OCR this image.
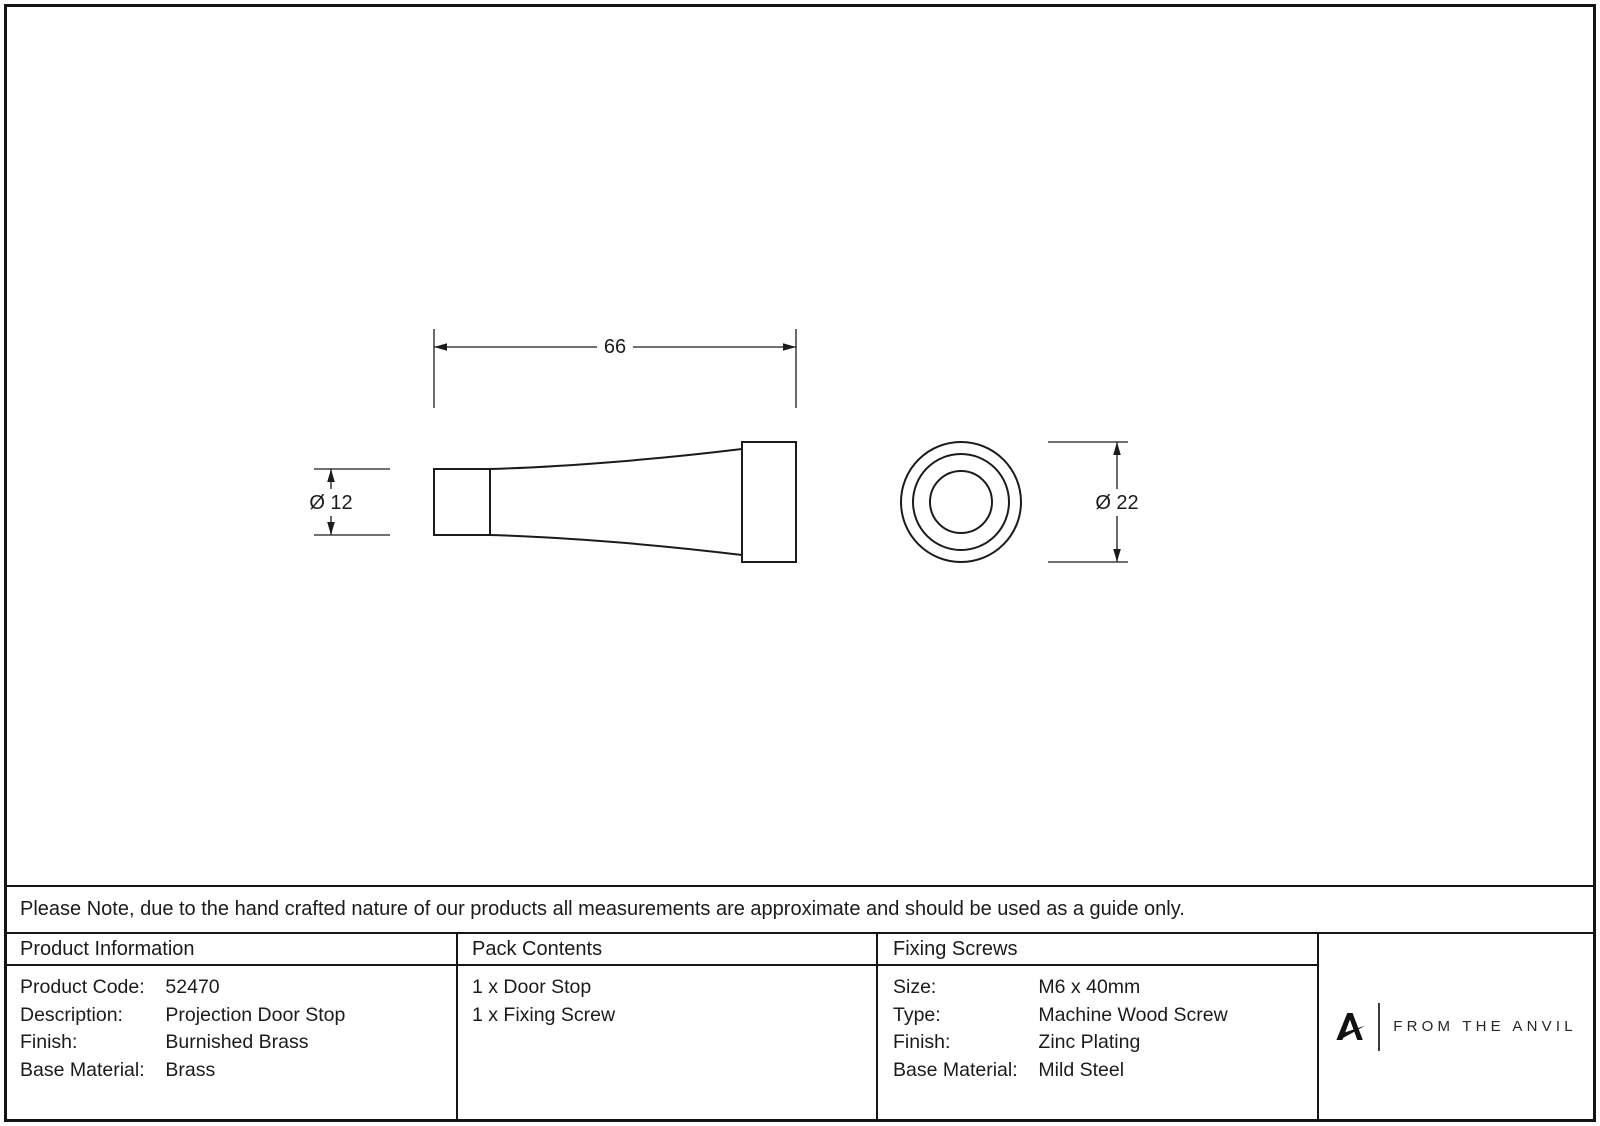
66
Ø 12	Ø 22
Please Note, due to the hand crafted nature of our products all measurements are approximate and should be used as a guide only.
Product Information	Pack Contents	Fixing Screws
Product Code: 52470
Description: Projection Door Stop
Finish:	Burnished Brass
Base Material: Brass
1 x Door Stop
1 x Fixing Screw
Size:	M6 x 40mm
Type:	Machine Wood Screw
Finish:	Zinc Plating
Base Material: Mild Steel
FROM THE ANVIL
